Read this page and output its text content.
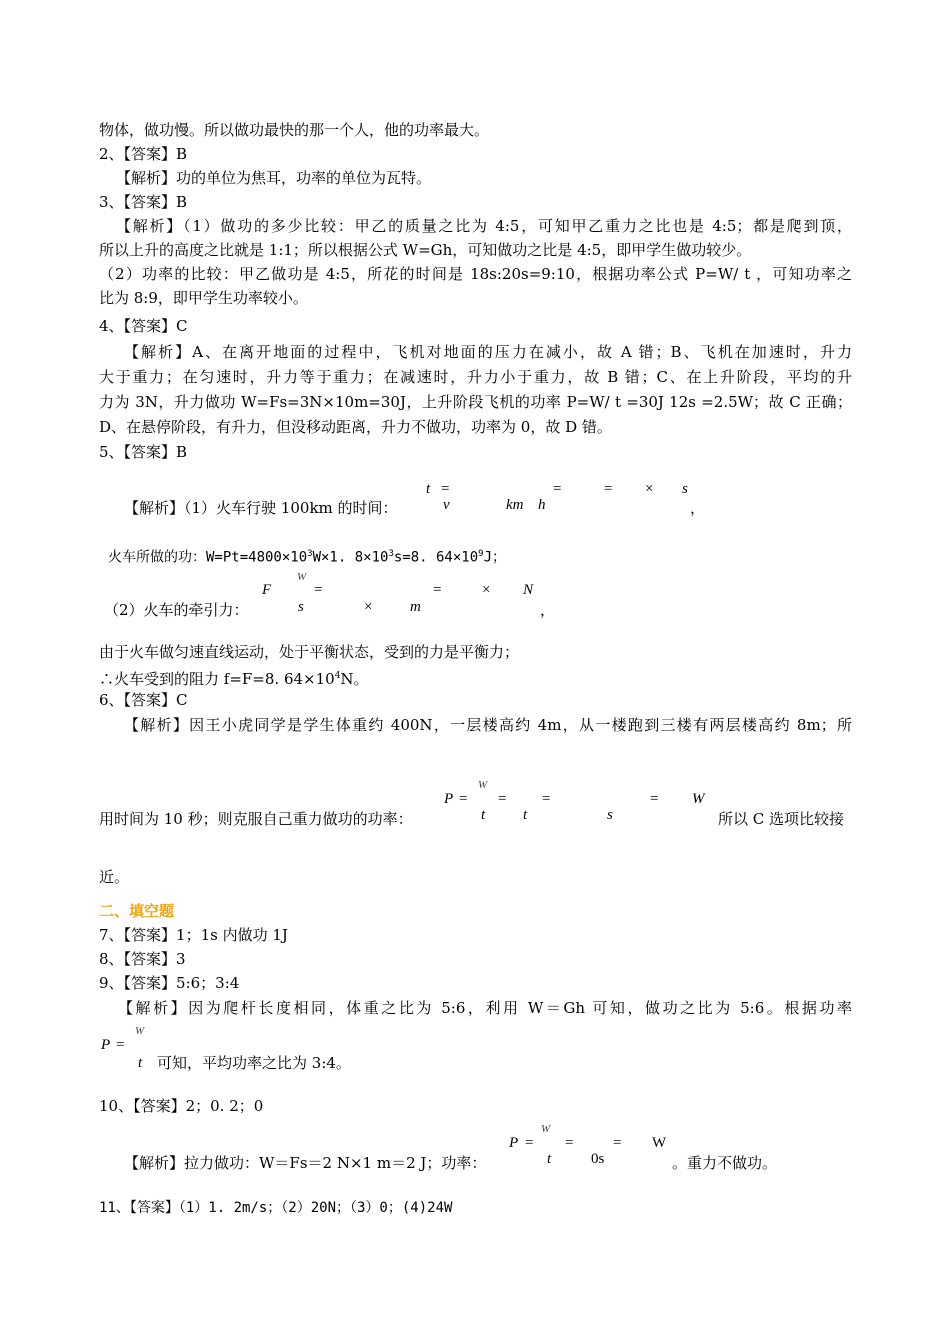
物体，做功慢。所以做功最快的那一个人，他的功率最大。
2、【答案】B
【解析】功的单位为焦耳，功率的单位为瓦特。
3、【答案】B
【解析】（1）做功的多少比较：甲乙的质量之比为 4:5，可知甲乙重力之比也是 4:5；都是爬到顶，
所以上升的高度之比就是 1:1；所以根据公式 W=Gh，可知做功之比是 4:5，即甲学生做功较少。
（2）功率的比较：甲乙做功是 4:5，所花的时间是 18s:20s=9:10，根据功率公式 P=W/ t ，可知功率之
比为 8:9，即甲学生功率较小。
4、【答案】C
【解析】A、在离开地面的过程中，飞机对地面的压力在减小，故 A 错；B、飞机在加速时，升力
大于重力；在匀速时，升力等于重力；在减速时，升力小于重力，故 B 错；C、在上升阶段，平均的升
力为 3N，升力做功 W=Fs=3N×10m=30J，上升阶段飞机的功率 P=W/ t =30J 12s =2.5W；故 C 正确；
D、在悬停阶段，有升力，但没移动距离，升力不做功，功率为 0，故 D 错。
5、【答案】B
【解析】（1）火车行驶 100km 的时间：
t =
v	km h
=	= × s
，
火车所做的功：$W=Pt=4800\times 10^3W\times 1$. $8\times 10^3s=8$. $64\times 10^9J$；
（2）火车的牵引力：
W
F	=
s	×	m
=	× N
，
由于火车做匀速直线运动，处于平衡状态，受到的力是平衡力；
∴火车受到的阻力 f=F=8. $64\times 10^4N$。
6、【答案】C
【解析】因王小虎同学是学生体重约 400N，一层楼高约 4m，从一楼跑到三楼有两层楼高约 8m；所
用时间为 10 秒；则克服自己重力做功的功率：
P =
W
t
=
t
=
s
= W
所以 C 选项比较接
近。
二、填空题
7、【答案】1；1s 内做功 1J
8、【答案】3
9、【答案】5:6；3:4
【解析】因为爬杆长度相同，体重之比为 5:6，利用 W＝Gh 可知，做功之比为 5:6。根据功率
P =
W
t 可知，平均功率之比为 3:4。
10、【答案】2；0. 2；0
【解析】拉力做功：W＝Fs＝2 N×1 m＝2 J；功率：
P =
W
t
=
0s
= W
。重力不做功。
11、【答案】（1）1. 2m/s；（2）20N；（3）0；(4)24W
